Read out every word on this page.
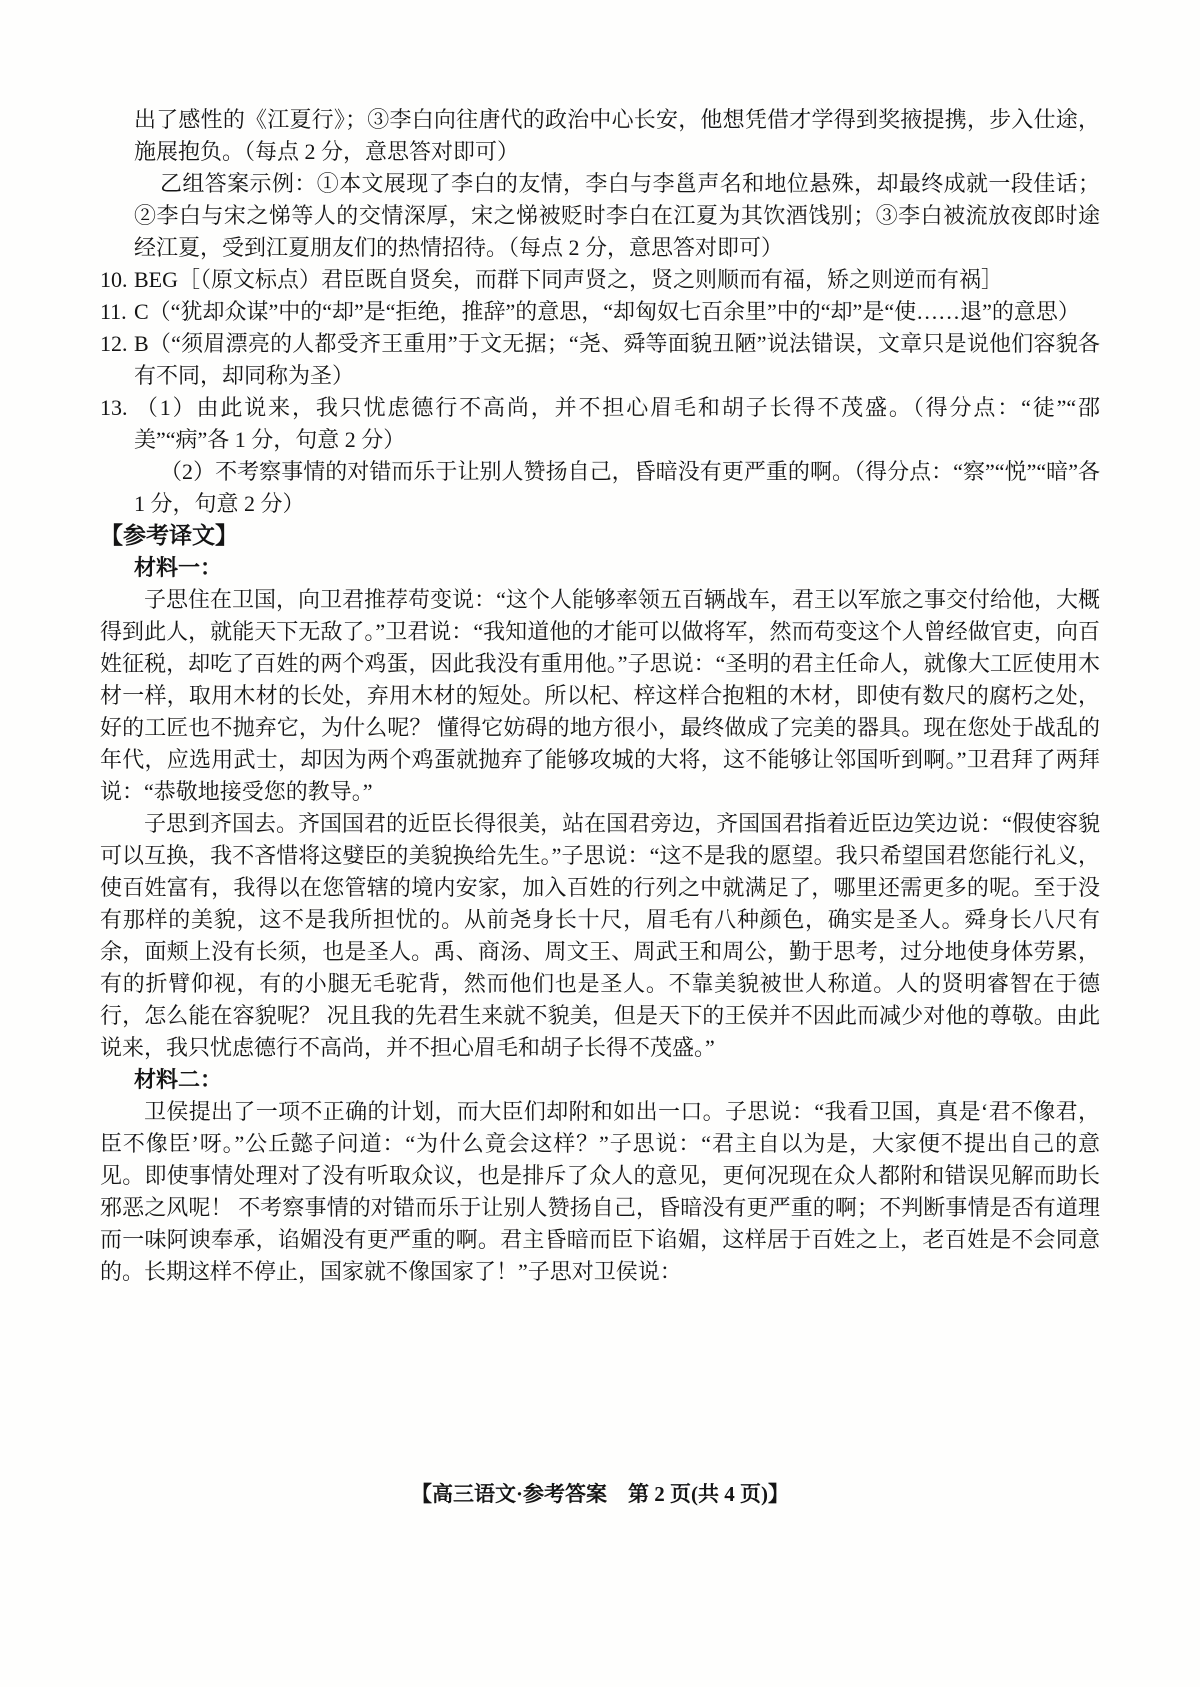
出了感性的《江夏行》；③李白向往唐代的政治中心长安，他想凭借才学得到奖掖提携，步入仕途，施展抱负。（每点 2 分，意思答对即可）

乙组答案示例：①本文展现了李白的友情，李白与李邕声名和地位悬殊，却最终成就一段佳话；②李白与宋之悌等人的交情深厚，宋之悌被贬时李白在江夏为其饮酒饯别；③李白被流放夜郎时途经江夏，受到江夏朋友们的热情招待。（每点 2 分，意思答对即可）

10. BEG［（原文标点）君臣既自贤矣，而群下同声贤之，贤之则顺而有福，矫之则逆而有祸］

11. C（“犹却众谋”中的“却”是“拒绝，推辞”的意思，“却匈奴七百余里”中的“却”是“使……退”的意思）

12. B（“须眉漂亮的人都受齐王重用”于文无据；“尧、舜等面貌丑陋”说法错误，文章只是说他们容貌各有不同，却同称为圣）

13. （1）由此说来，我只忧虑德行不高尚，并不担心眉毛和胡子长得不茂盛。（得分点：“徒”“邵美”“病”各 1 分，句意 2 分）

（2）不考察事情的对错而乐于让别人赞扬自己，昏暗没有更严重的啊。（得分点：“察”“悦”“暗”各 1 分，句意 2 分）

【参考译文】

材料一：

子思住在卫国，向卫君推荐苟变说：“这个人能够率领五百辆战车，君王以军旅之事交付给他，大概得到此人，就能天下无敌了。”卫君说：“我知道他的才能可以做将军，然而苟变这个人曾经做官吏，向百姓征税，却吃了百姓的两个鸡蛋，因此我没有重用他。”子思说：“圣明的君主任命人，就像大工匠使用木材一样，取用木材的长处，弃用木材的短处。所以杞、梓这样合抱粗的木材，即使有数尺的腐朽之处，好的工匠也不抛弃它，为什么呢？ 懂得它妨碍的地方很小，最终做成了完美的器具。现在您处于战乱的年代，应选用武士，却因为两个鸡蛋就抛弃了能够攻城的大将，这不能够让邻国听到啊。”卫君拜了两拜说：“恭敬地接受您的教导。”

子思到齐国去。齐国国君的近臣长得很美，站在国君旁边，齐国国君指着近臣边笑边说：“假使容貌可以互换，我不吝惜将这嬖臣的美貌换给先生。”子思说：“这不是我的愿望。我只希望国君您能行礼义，使百姓富有，我得以在您管辖的境内安家，加入百姓的行列之中就满足了，哪里还需更多的呢。至于没有那样的美貌，这不是我所担忧的。从前尧身长十尺，眉毛有八种颜色，确实是圣人。舜身长八尺有余，面颊上没有长须，也是圣人。禹、商汤、周文王、周武王和周公，勤于思考，过分地使身体劳累，有的折臂仰视，有的小腿无毛驼背，然而他们也是圣人。不靠美貌被世人称道。人的贤明睿智在于德行，怎么能在容貌呢？ 况且我的先君生来就不貌美，但是天下的王侯并不因此而减少对他的尊敬。由此说来，我只忧虑德行不高尚，并不担心眉毛和胡子长得不茂盛。”

材料二：

卫侯提出了一项不正确的计划，而大臣们却附和如出一口。子思说：“我看卫国，真是‘君不像君，臣不像臣’呀。”公丘懿子问道：“为什么竟会这样？”子思说：“君主自以为是，大家便不提出自己的意见。即使事情处理对了没有听取众议，也是排斥了众人的意见，更何况现在众人都附和错误见解而助长邪恶之风呢！ 不考察事情的对错而乐于让别人赞扬自己，昏暗没有更严重的啊；不判断事情是否有道理而一味阿谀奉承，谄媚没有更严重的啊。君主昏暗而臣下谄媚，这样居于百姓之上，老百姓是不会同意的。长期这样不停止，国家就不像国家了！”子思对卫侯说：

【高三语文·参考答案　第 2 页(共 4 页)】
